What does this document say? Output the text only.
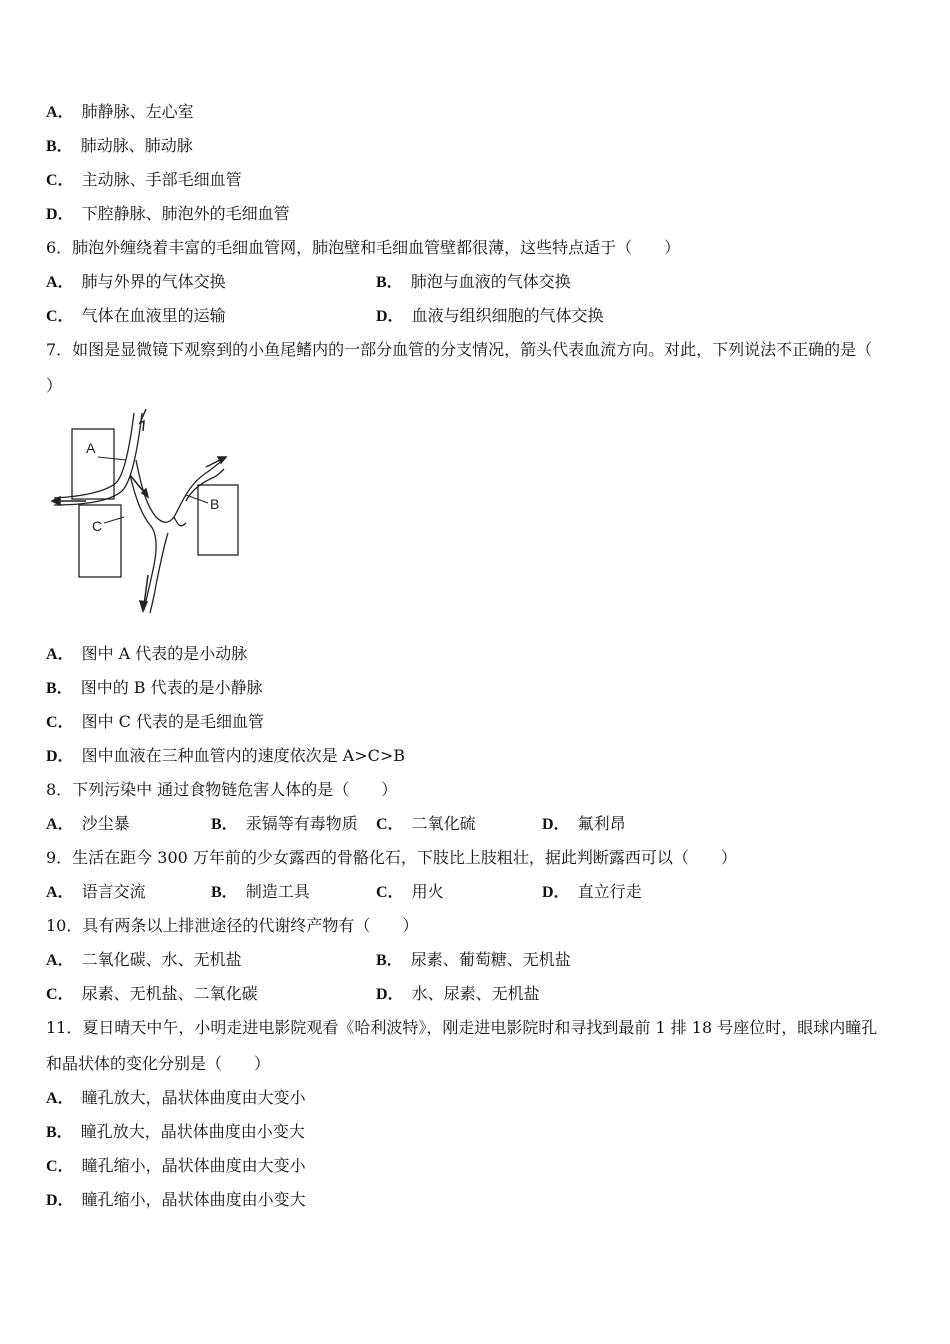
A． 肺静脉、左心室
B． 肺动脉、肺动脉
C． 主动脉、手部毛细血管
D． 下腔静脉、肺泡外的毛细血管
6．肺泡外缠绕着丰富的毛细血管网，肺泡壁和毛细血管壁都很薄，这些特点适于（　　）
A． 肺与外界的气体交换	B． 肺泡与血液的气体交换
C． 气体在血液里的运输	D． 血液与组织细胞的气体交换
7．如图是显微镜下观察到的小鱼尾鳍内的一部分血管的分支情况，箭头代表血流方向。对此，下列说法不正确的是（
）
A
C
B
A． 图中 A 代表的是小动脉
B． 图中的 B 代表的是小静脉
C． 图中 C 代表的是毛细血管
D． 图中血液在三种血管内的速度依次是 A>C>B
8．下列污染中 通过食物链危害人体的是（　　）
A． 沙尘暴	B． 汞镉等有毒物质 C． 二氧化硫	D． 氟利昂
9．生活在距今 300 万年前的少女露西的骨骼化石，下肢比上肢粗壮，据此判断露西可以（　　）
A． 语言交流	B． 制造工具	C． 用火	D． 直立行走
10．具有两条以上排泄途径的代谢终产物有（　　）
A． 二氧化碳、水、无机盐	B． 尿素、葡萄糖、无机盐
C． 尿素、无机盐、二氧化碳	D． 水、尿素、无机盐
11．夏日晴天中午，小明走进电影院观看《哈利波特》，刚走进电影院时和寻找到最前 1 排 18 号座位时，眼球内瞳孔
和晶状体的变化分别是（　　）
A． 瞳孔放大，晶状体曲度由大变小
B． 瞳孔放大，晶状体曲度由小变大
C． 瞳孔缩小，晶状体曲度由大变小
D． 瞳孔缩小，晶状体曲度由小变大
